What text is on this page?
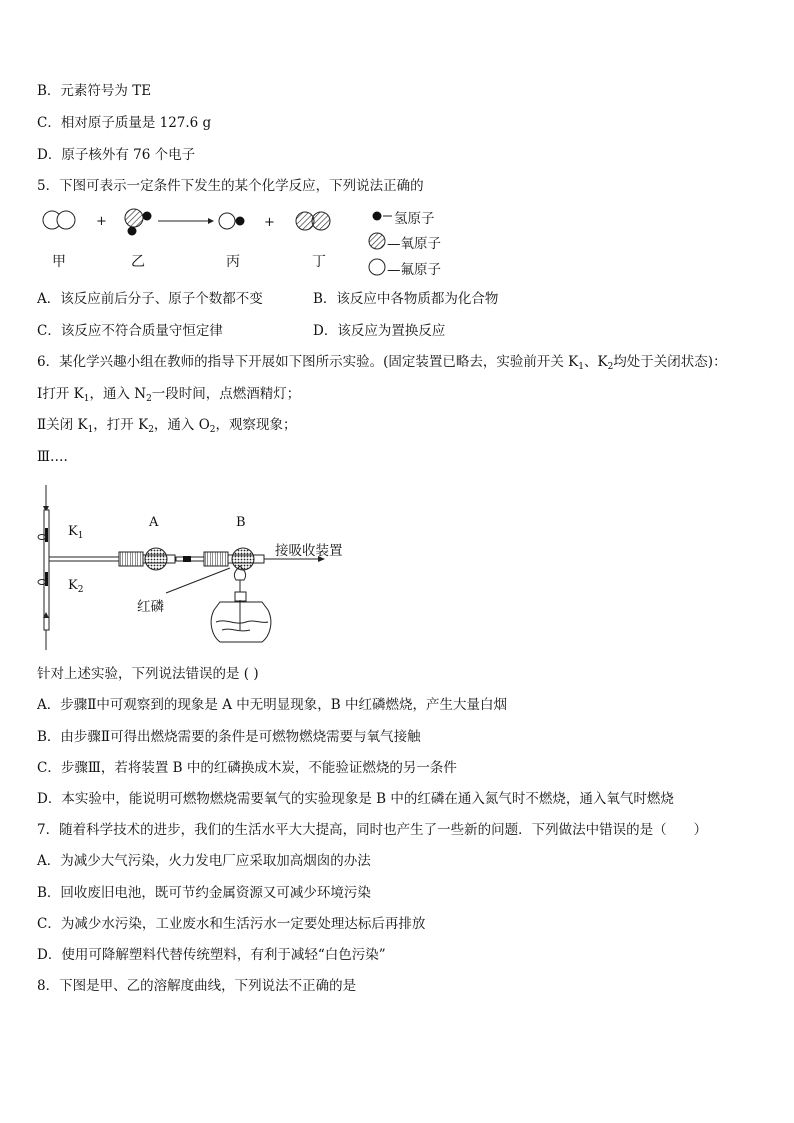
B．元素符号为 TE
C．相对原子质量是 127.6 g
D．原子核外有 76 个电子
5．下图可表示一定条件下发生的某个化学反应，下列说法正确的
+	+	氢原子
—氧原子
—氟原子
甲	乙	丙	丁
A．该反应前后分子、原子个数都不变	B．该反应中各物质都为化合物
C．该反应不符合质量守恒定律	D．该反应为置换反应
6．某化学兴趣小组在教师的指导下开展如下图所示实验。(固定装置已略去，实验前开关 $K_1$、$K_2$均处于关闭状态)：
Ⅰ打开 $K_1$，通入 $N_2$一段时间，点燃酒精灯；
Ⅱ关闭 $K_1$，打开 $K_2$，通入 $O_2$，观察现象；
Ⅲ….
$K_1$
$K_2$
A	B
接吸收装置
红磷
针对上述实验，下列说法错误的是 ( )
A．步骤Ⅱ中可观察到的现象是 A 中无明显现象，B 中红磷燃烧，产生大量白烟
B．由步骤Ⅱ可得出燃烧需要的条件是可燃物燃烧需要与氧气接触
C．步骤Ⅲ，若将装置 B 中的红磷换成木炭，不能验证燃烧的另一条件
D．本实验中，能说明可燃物燃烧需要氧气的实验现象是 B 中的红磷在通入氮气时不燃烧，通入氧气时燃烧
7．随着科学技术的进步，我们的生活水平大大提高，同时也产生了一些新的问题．下列做法中错误的是（　　）
A．为减少大气污染，火力发电厂应采取加高烟囱的办法
B．回收废旧电池，既可节约金属资源又可减少环境污染
C．为减少水污染，工业废水和生活污水一定要处理达标后再排放
D．使用可降解塑料代替传统塑料，有利于减轻“白色污染”
8．下图是甲、乙的溶解度曲线，下列说法不正确的是
